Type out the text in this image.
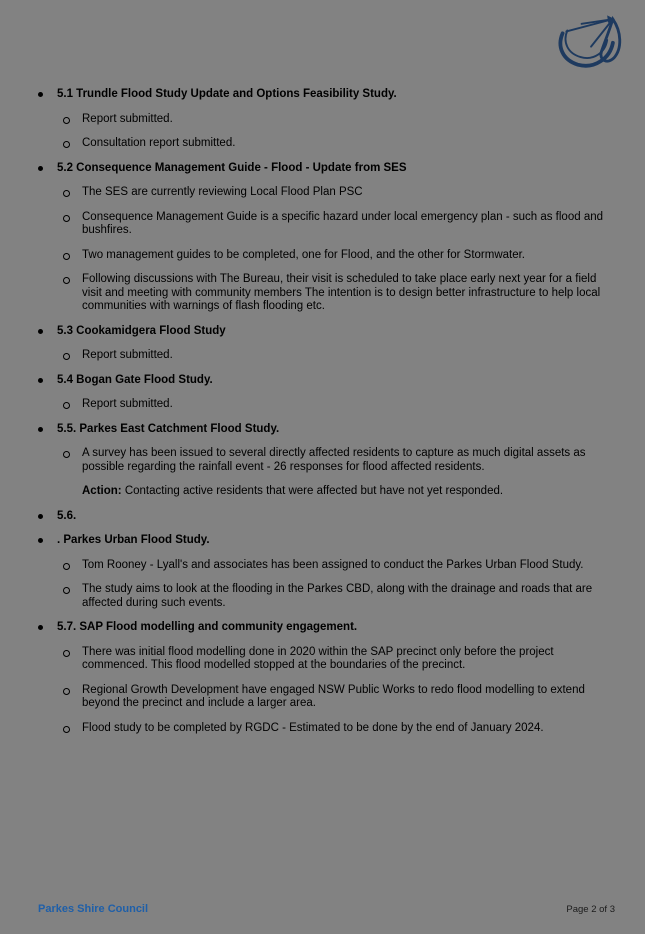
5.1 Trundle Flood Study Update and Options Feasibility Study.
Report submitted.
Consultation report submitted.
5.2 Consequence Management Guide - Flood - Update from SES
The SES are currently reviewing Local Flood Plan PSC
Consequence Management Guide is a specific hazard under local emergency plan - such as flood and bushfires.
Two management guides to be completed, one for Flood, and the other for Stormwater.
Following discussions with The Bureau, their visit is scheduled to take place early next year for a field visit and meeting with community members The intention is to design better infrastructure to help local communities with warnings of flash flooding etc.
5.3 Cookamidgera Flood Study
Report submitted.
5.4 Bogan Gate Flood Study.
Report submitted.
5.5. Parkes East Catchment Flood Study.
A survey has been issued to several directly affected residents to capture as much digital assets as possible regarding the rainfall event - 26 responses for flood affected residents.
Action: Contacting active residents that were affected but have not yet responded.
5.6.
. Parkes Urban Flood Study.
Tom Rooney - Lyall's and associates has been assigned to conduct the Parkes Urban Flood Study.
The study aims to look at the flooding in the Parkes CBD, along with the drainage and roads that are affected during such events.
5.7. SAP Flood modelling and community engagement.
There was initial flood modelling done in 2020 within the SAP precinct only before the project commenced. This flood modelled stopped at the boundaries of the precinct.
Regional Growth Development have engaged NSW Public Works to redo flood modelling to extend beyond the precinct and include a larger area.
Flood study to be completed by RGDC - Estimated to be done by the end of January 2024.
Parkes Shire Council	Page 2 of 3
